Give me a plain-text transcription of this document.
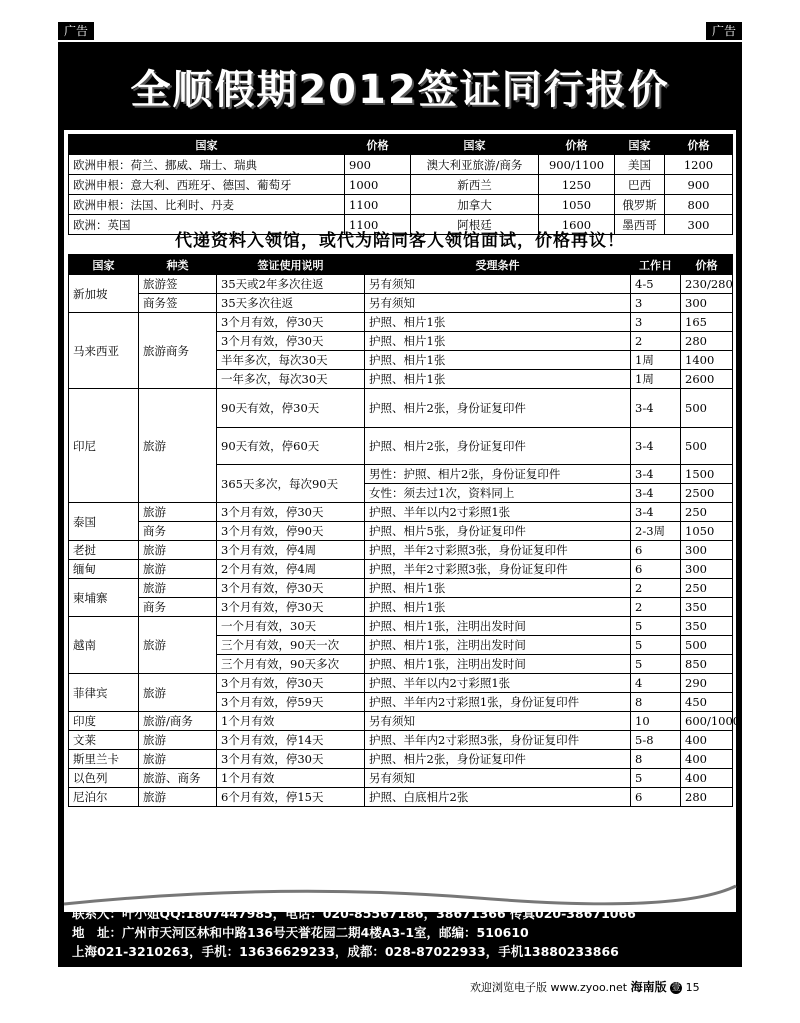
广告	广告
全顺假期2012签证同行报价
国家	价格	国家	价格	国家	价格
欧洲申根：荷兰、挪威、瑞士、瑞典	900	澳大利亚旅游/商务	900/1100	美国	1200
欧洲申根：意大利、西班牙、德国、葡萄牙	1000	新西兰	1250	巴西	900
欧洲申根：法国、比利时、丹麦	1100	加拿大	1050	俄罗斯	800
欧洲：英国	1100	阿根廷	1600	墨西哥	300
代递资料入领馆，或代为陪同客人领馆面试，价格再议！
国家	种类	签证使用说明	受理条件	工作日	价格
新加坡	旅游签	35天或2年多次往返	另有须知	4-5	230/280
	商务签	35天多次往返	另有须知	3	300
马来西亚	旅游商务	3个月有效，停30天	护照、相片1张	3	165
		3个月有效，停30天	护照、相片1张	2	280
		半年多次，每次30天	护照、相片1张	1周	1400
		一年多次，每次30天	护照、相片1张	1周	2600
印尼	旅游	90天有效，停30天	护照、相片2张，身份证复印件	3-4	500
		90天有效，停60天	护照、相片2张，身份证复印件	3-4	500
		365天多次，每次90天	男性：护照、相片2张，身份证复印件	3-4	1500
			女性：须去过1次，资料同上	3-4	2500
泰国	旅游	3个月有效，停30天	护照、半年以内2寸彩照1张	3-4	250
	商务	3个月有效，停90天	护照、相片5张，身份证复印件	2-3周	1050
老挝	旅游	3个月有效，停4周	护照，半年2寸彩照3张，身份证复印件	6	300
缅甸	旅游	2个月有效，停4周	护照，半年2寸彩照3张，身份证复印件	6	300
柬埔寨	旅游	3个月有效，停30天	护照、相片1张	2	250
	商务	3个月有效，停30天	护照、相片1张	2	350
越南	旅游	一个月有效，30天	护照、相片1张，注明出发时间	5	350
		三个月有效，90天一次	护照、相片1张，注明出发时间	5	500
		三个月有效，90天多次	护照、相片1张，注明出发时间	5	850
菲律宾	旅游	3个月有效，停30天	护照、半年以内2寸彩照1张	4	290
		3个月有效，停59天	护照、半年内2寸彩照1张，身份证复印件	8	450
印度	旅游/商务	1个月有效	另有须知	10	600/1000
文莱	旅游	3个月有效，停14天	护照、半年内2寸彩照3张，身份证复印件	5-8	400
斯里兰卡	旅游	3个月有效，停30天	护照、相片2张，身份证复印件	8	400
以色列	旅游、商务	1个月有效	另有须知	5	400
尼泊尔	旅游	6个月有效，停15天	护照、白底相片2张	6	280
联系人：叶小姐QQ:1807447985，电话：020-85567186，38671366 传真020-38671066
地　址：广州市天河区林和中路136号天誉花园二期4楼A3-1室，邮编：510610
上海021-3210263，手机：13636629233，成都：028-87022933，手机13880233866
欢迎浏览电子版 www.zyoo.net 海南版 壹 15
